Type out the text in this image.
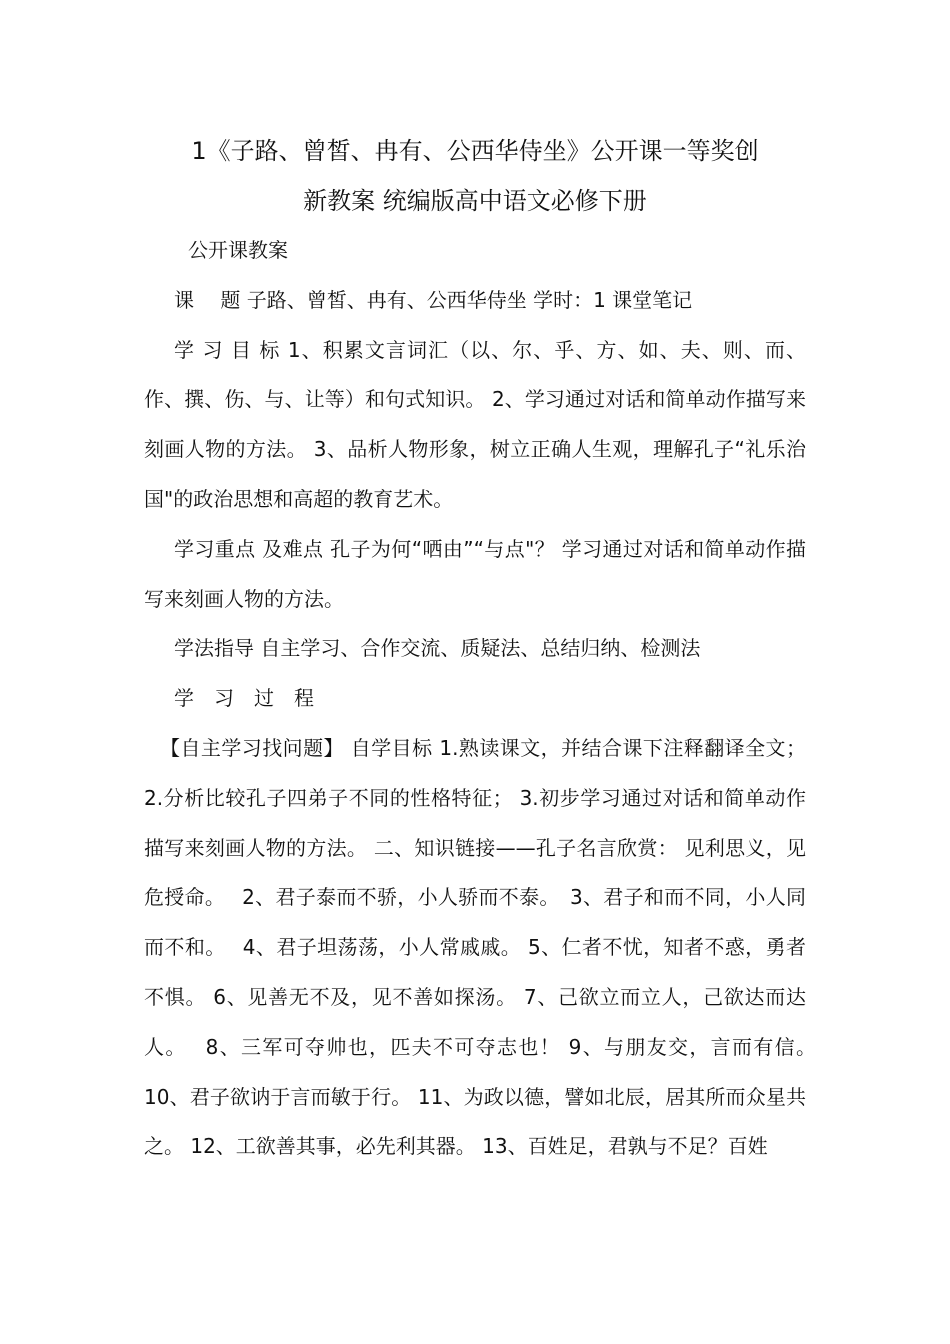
1《子路、曾皙、冉有、公西华侍坐》公开课一等奖创
新教案 统编版高中语文必修下册

公开课教案

课　 题 子路、曾皙、冉有、公西华侍坐 学时：1 课堂笔记

学 习 目 标 1、积累文言词汇（以、尔、乎、方、如、夫、则、而、作、撰、伤、与、让等）和句式知识。 2、学习通过对话和简单动作描写来刻画人物的方法。 3、品析人物形象，树立正确人生观，理解孔子“礼乐治国"的政治思想和高超的教育艺术。

学习重点 及难点 孔子为何“哂由”“与点"？ 学习通过对话和简单动作描写来刻画人物的方法。

学法指导 自主学习、合作交流、质疑法、总结归纳、检测法

学　习　过　程

【自主学习找问题】 自学目标 1.熟读课文，并结合课下注释翻译全文； 2.分析比较孔子四弟子不同的性格特征； 3.初步学习通过对话和简单动作描写来刻画人物的方法。 二、知识链接——孔子名言欣赏： 见利思义，见危授命。　 2、君子泰而不骄，小人骄而不泰。　3、君子和而不同，小人同而不和。　 4、君子坦荡荡，小人常戚戚。 5、仁者不忧，知者不惑，勇者不惧。 6、见善无不及，见不善如探汤。 7、己欲立而立人，己欲达而达人。　 8、三军可夺帅也，匹夫不可夺志也！ 9、与朋友交，言而有信。　　10、君子欲讷于言而敏于行。 11、为政以德，譬如北辰，居其所而众星共之。 12、工欲善其事，必先利其器。 13、百姓足，君孰与不足？百姓
